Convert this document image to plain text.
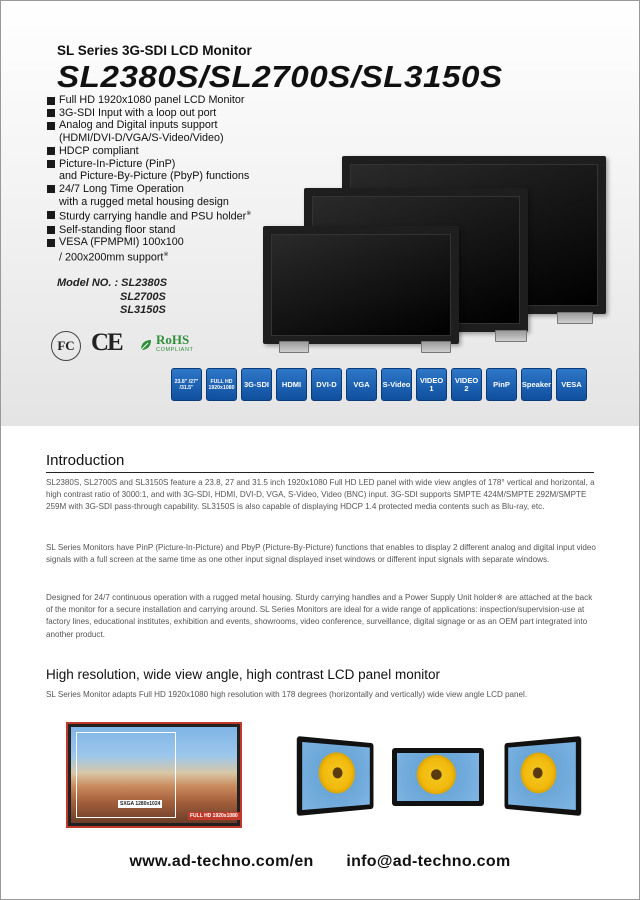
SL Series 3G-SDI LCD Monitor
SL2380S/SL2700S/SL3150S
Full HD 1920x1080 panel LCD Monitor
3G-SDI Input with a loop out port
Analog and Digital inputs support
(HDMI/DVI-D/VGA/S-Video/Video)
HDCP compliant
Picture-In-Picture (PinP)
and Picture-By-Picture (PbyP) functions
24/7 Long Time Operation
with a rugged metal housing design
Sturdy carrying handle and PSU holder※
Self-standing floor stand
VESA (FPMPMI) 100x100
/ 200x200mm support※
Model NO. : SL2380S
SL2700S
SL3150S
FC CE	RoHS
COMPLIANT
23.8" /27" /31.5"
FULL HD 1920x1080	3G-SDI	HDMI	DVI-D	VGA	S-Video	VIDEO 1
VIDEO 2	PinP	Speaker	VESA
Introduction

SL2380S, SL2700S and SL3150S feature a 23.8, 27 and 31.5 inch 1920x1080 Full HD LED panel with wide view angles of 178° vertical and horizontal, a high contrast ratio of 3000:1, and with 3G-SDI, HDMI, DVI-D, VGA, S-Video, Video (BNC) input. 3G-SDI supports SMPTE 424M/SMPTE 292M/SMPTE 259M with 3G-SDI pass-through capability. SL3150S is also capable of displaying HDCP 1.4 protected media contents such as Blu-ray, etc.

SL Series Monitors have PinP (Picture-In-Picture) and PbyP (Picture-By-Picture) functions that enables to display 2 different analog and digital input video signals with a full screen at the same time as one other input signal displayed inset windows or different input signals with separate windows.

Designed for 24/7 continuous operation with a rugged metal housing. Sturdy carrying handles and a Power Supply Unit holder※ are attached at the back of the monitor for a secure installation and carrying around. SL Series Monitors are ideal for a wide range of applications: inspection/supervision-use at factory lines, educational institutes, exhibition and events, showrooms, video conference, surveillance, digital signage or as an OEM part integrated into another product.

High resolution, wide view angle, high contrast LCD panel monitor
SL Series Monitor adapts Full HD 1920x1080 high resolution with 178 degrees (horizontally and vertically) wide view angle LCD panel.
SXGA 1280x1024
FULL HD 1920x1080
www.ad-techno.com/en info@ad-techno.com
